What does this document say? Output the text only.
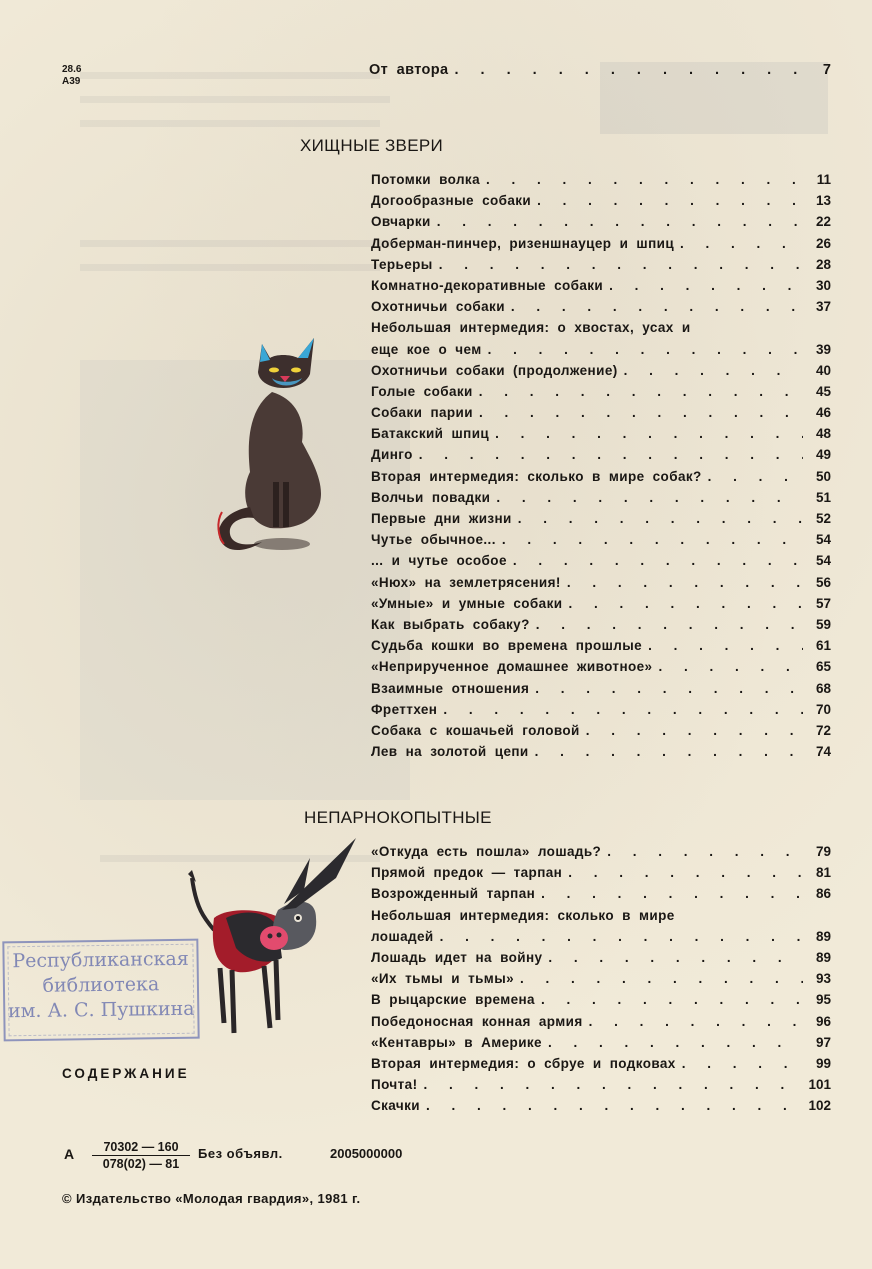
28.6
А39
От автора . . .	7
ХИЩНЫЕ ЗВЕРИ
Потомки волка . . .	11
Догообразные собаки . . .	13
Овчарки . . .	22
Доберман-пинчер, ризеншнауцер и шпиц . . .	26
Терьеры . . .	28
Комнатно-декоративные собаки . . .	30
Охотничьи собаки . . .	37
Небольшая интермедия: о хвостах, усах и
еще кое о чем . . .	39
Охотничьи собаки (продолжение) . . .	40
Голые собаки . . .	45
Собаки парии . . .	46
Батакский шпиц . . .	48
Динго . . .	49
Вторая интермедия: сколько в мире собак? . . .	50
Волчьи повадки . . .	51
Первые дни жизни . . .	52
Чутье обычное... . . .	54
... и чутье особое . . .	54
«Нюх» на землетрясения! . . .	56
«Умные» и умные собаки . . .	57
Как выбрать собаку? . . .	59
Судьба кошки во времена прошлые . . .	61
«Неприрученное домашнее животное» . . .	65
Взаимные отношения . . .	68
Фреттхен . . .	70
Собака с кошачьей головой . . .	72
Лев на золотой цепи . . .	74
НЕПАРНОКОПЫТНЫЕ
«Откуда есть пошла» лошадь? . . .	79
Прямой предок — тарпан . . .	81
Возрожденный тарпан . . .	86
Небольшая интермедия: сколько в мире
лошадей . . .	89
Лошадь идет на войну . . .	89
«Их тьмы и тьмы» . . .	93
В рыцарские времена . . .	95
Победоносная конная армия . . .	96
«Кентавры» в Америке . . .	97
Вторая интермедия: о сбруе и подковах . . .	99
Почта! . . .	101
Скачки . . .	102
Республиканская
библиотека
им. А. С. Пушкина
СОДЕРЖАНИЕ
А $\frac{70302 — 160}{078(02) — 81}$ Без объявл.	2005000000
© Издательство «Молодая гвардия», 1981 г.
